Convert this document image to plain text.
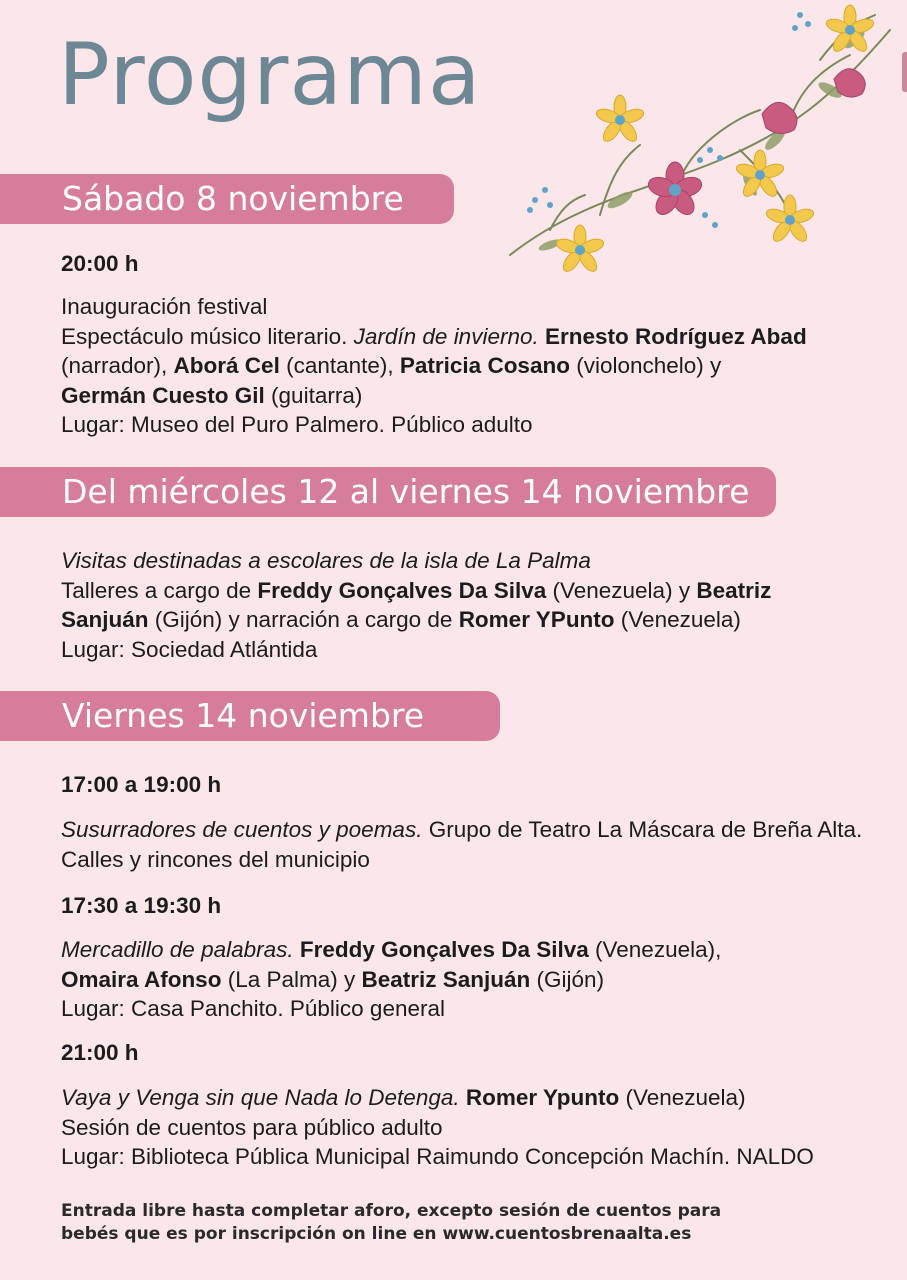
Programa
Sábado 8 noviembre
20:00 h

Inauguración festival

Espectáculo músico literario. Jardín de invierno. Ernesto Rodríguez Abad

(narrador), Aborá Cel (cantante), Patricia Cosano (violonchelo) y

Germán Cuesto Gil (guitarra)

Lugar: Museo del Puro Palmero. Público adulto

Del miércoles 12 al viernes 14 noviembre

Visitas destinadas a escolares de la isla de La Palma

Talleres a cargo de Freddy Gonçalves Da Silva (Venezuela) y Beatriz

Sanjuán (Gijón) y narración a cargo de Romer YPunto (Venezuela)

Lugar: Sociedad Atlántida

Viernes 14 noviembre
17:00 a 19:00 h

Susurradores de cuentos y poemas. Grupo de Teatro La Máscara de Breña Alta.

Calles y rincones del municipio

17:30 a 19:30 h

Mercadillo de palabras. Freddy Gonçalves Da Silva (Venezuela),

Omaira Afonso (La Palma) y Beatriz Sanjuán (Gijón)

Lugar: Casa Panchito. Público general

21:00 h

Vaya y Venga sin que Nada lo Detenga. Romer Ypunto (Venezuela)

Sesión de cuentos para público adulto

Lugar: Biblioteca Pública Municipal Raimundo Concepción Machín. NALDO

Entrada libre hasta completar aforo, excepto sesión de cuentos para
bebés que es por inscripción on line en www.cuentosbrenaalta.es
